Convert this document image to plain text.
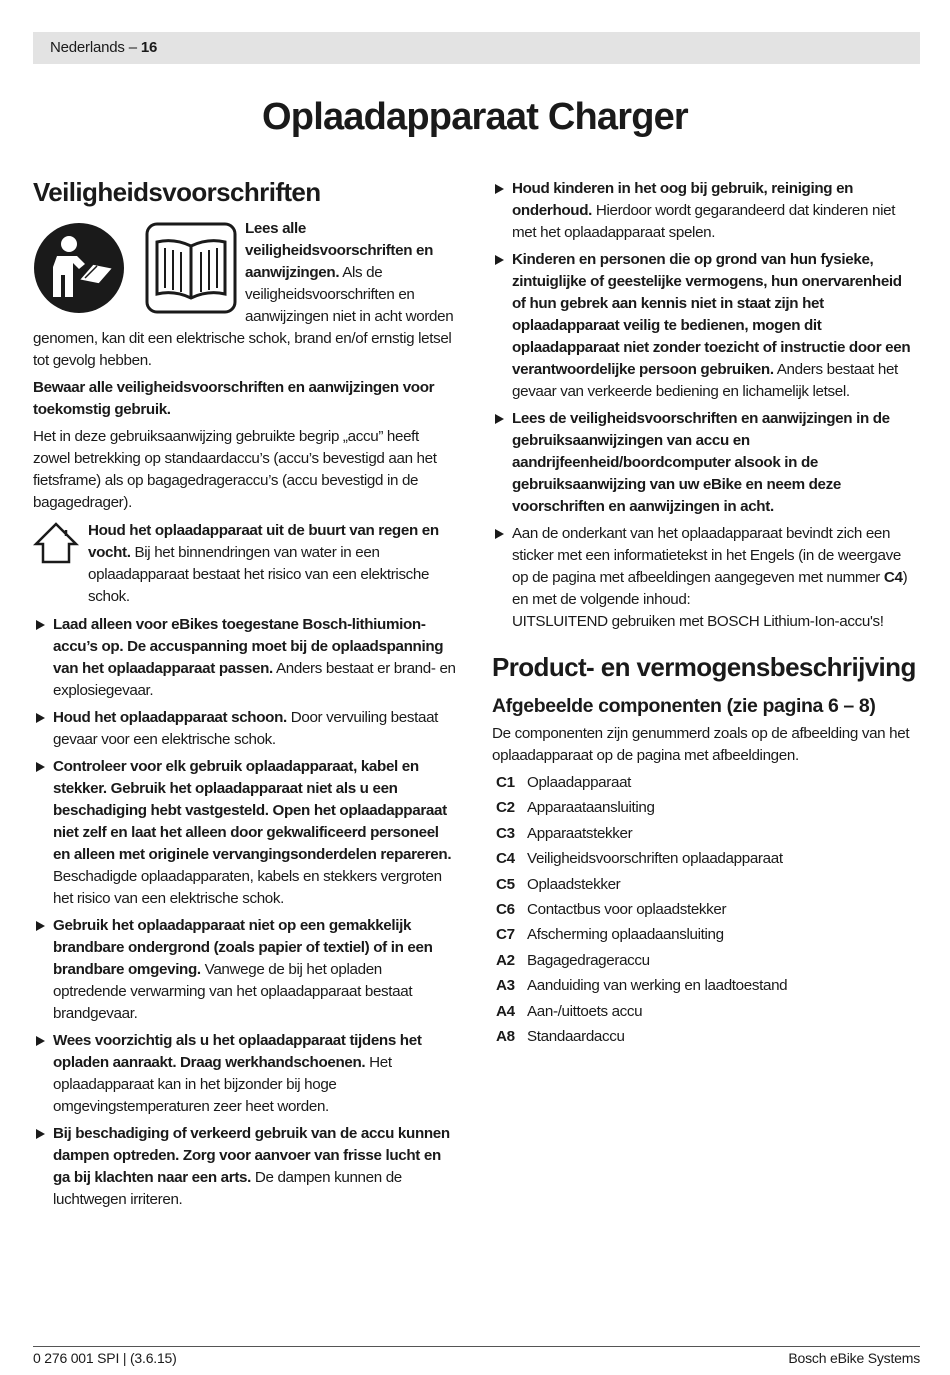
Nederlands – 16
Oplaadapparaat Charger
Veiligheidsvoorschriften

Lees alle veiligheidsvoorschriften en aanwijzingen. Als de veiligheidsvoorschriften en aanwijzingen niet in acht worden genomen, kan dit een elektrische schok, brand en/of ernstig letsel tot gevolg hebben.

Bewaar alle veiligheidsvoorschriften en aanwijzingen voor toekomstig gebruik.

Het in deze gebruiksaanwijzing gebruikte begrip „accu” heeft zowel betrekking op standaardaccu’s (accu’s bevestigd aan het fietsframe) als op bagagedrageraccu’s (accu bevestigd in de bagagedrager).

Houd het oplaadapparaat uit de buurt van regen en vocht. Bij het binnendringen van water in een oplaadapparaat bestaat het risico van een elektrische schok.
Laad alleen voor eBikes toegestane Bosch-lithiumion-accu’s op. De accuspanning moet bij de oplaadspanning van het oplaadapparaat passen. Anders bestaat er brand- en explosiegevaar.
Houd het oplaadapparaat schoon. Door vervuiling bestaat gevaar voor een elektrische schok.
Controleer voor elk gebruik oplaadapparaat, kabel en stekker. Gebruik het oplaadapparaat niet als u een beschadiging hebt vastgesteld. Open het oplaadapparaat niet zelf en laat het alleen door gekwalificeerd personeel en alleen met originele vervangingsonderdelen repareren. Beschadigde oplaadapparaten, kabels en stekkers vergroten het risico van een elektrische schok.
Gebruik het oplaadapparaat niet op een gemakkelijk brandbare ondergrond (zoals papier of textiel) of in een brandbare omgeving. Vanwege de bij het opladen optredende verwarming van het oplaadapparaat bestaat brandgevaar.
Wees voorzichtig als u het oplaadapparaat tijdens het opladen aanraakt. Draag werkhandschoenen. Het oplaadapparaat kan in het bijzonder bij hoge omgevingstemperaturen zeer heet worden.
Bij beschadiging of verkeerd gebruik van de accu kunnen dampen optreden. Zorg voor aanvoer van frisse lucht en ga bij klachten naar een arts. De dampen kunnen de luchtwegen irriteren.
Houd kinderen in het oog bij gebruik, reiniging en onderhoud. Hierdoor wordt gegarandeerd dat kinderen niet met het oplaadapparaat spelen.
Kinderen en personen die op grond van hun fysieke, zintuiglijke of geestelijke vermogens, hun onervarenheid of hun gebrek aan kennis niet in staat zijn het oplaadapparaat veilig te bedienen, mogen dit oplaadapparaat niet zonder toezicht of instructie door een verantwoordelijke persoon gebruiken. Anders bestaat het gevaar van verkeerde bediening en lichamelijk letsel.
Lees de veiligheidsvoorschriften en aanwijzingen in de gebruiksaanwijzingen van accu en aandrijfeenheid/boordcomputer alsook in de gebruiksaanwijzing van uw eBike en neem deze voorschriften en aanwijzingen in acht.
Aan de onderkant van het oplaadapparaat bevindt zich een sticker met een informatietekst in het Engels (in de weergave op de pagina met afbeeldingen aangegeven met nummer C4) en met de volgende inhoud:
UITSLUITEND gebruiken met BOSCH Lithium-Ion-accu's!
Product- en vermogensbeschrijving
Afgebeelde componenten (zie pagina 6 – 8)

De componenten zijn genummerd zoals op de afbeelding van het oplaadapparaat op de pagina met afbeeldingen.

C1 Oplaadapparaat
C2 Apparaataansluiting
C3 Apparaatstekker
C4 Veiligheidsvoorschriften oplaadapparaat
C5 Oplaadstekker
C6 Contactbus voor oplaadstekker
C7 Afscherming oplaadaansluiting
A2 Bagagedrageraccu
A3 Aanduiding van werking en laadtoestand
A4 Aan-/uittoets accu
A8 Standaardaccu
0 276 001 SPI | (3.6.15)	Bosch eBike Systems
